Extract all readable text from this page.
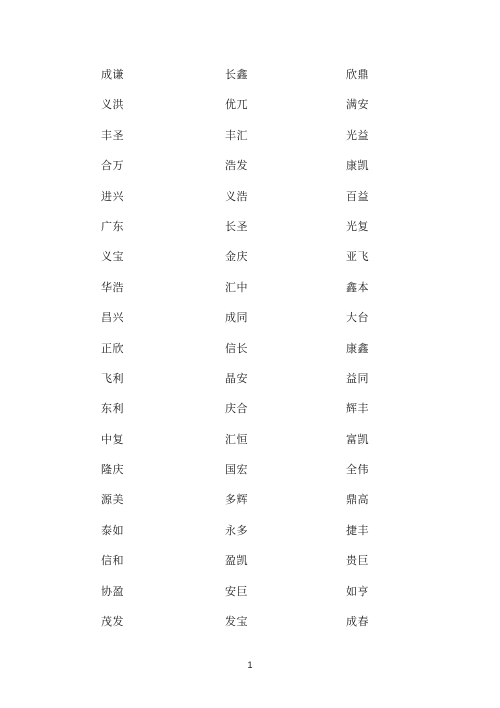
成谦	长鑫	欣鼎
义洪	优兀	满安
丰圣	丰汇	光益
合万	浩发	康凯
进兴	义浩	百益
广东	长圣	光复
义宝	金庆	亚飞
华浩	汇中	鑫本
昌兴	成同	大台
正欣	信长	康鑫
飞利	晶安	益同
东利	庆合	辉丰
中复	汇恒	富凯
隆庆	国宏	全伟
源美	多辉	鼎高
泰如	永多	捷丰
信和	盈凯	贵巨
协盈	安巨	如亨
茂发	发宝	成春
1
